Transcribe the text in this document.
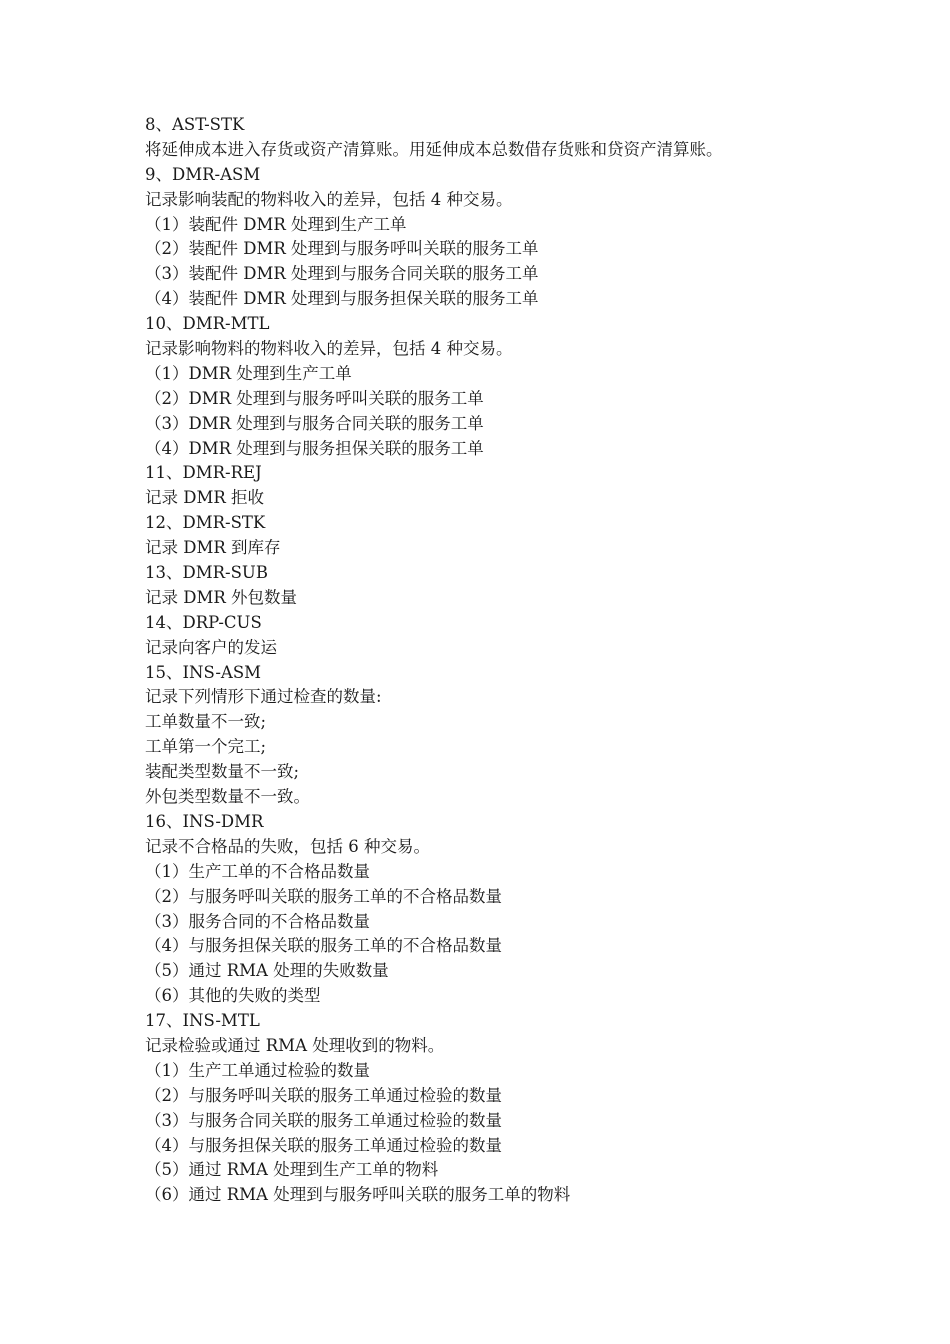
8、AST-STK
将延伸成本进入存货或资产清算账。用延伸成本总数借存货账和贷资产清算账。
9、DMR-ASM
记录影响装配的物料收入的差异，包括 4 种交易。
（1）装配件 DMR 处理到生产工单
（2）装配件 DMR 处理到与服务呼叫关联的服务工单
（3）装配件 DMR 处理到与服务合同关联的服务工单
（4）装配件 DMR 处理到与服务担保关联的服务工单
10、DMR-MTL
记录影响物料的物料收入的差异，包括 4 种交易。
（1）DMR 处理到生产工单
（2）DMR 处理到与服务呼叫关联的服务工单
（3）DMR 处理到与服务合同关联的服务工单
（4）DMR 处理到与服务担保关联的服务工单
11、DMR-REJ
记录 DMR 拒收
12、DMR-STK
记录 DMR 到库存
13、DMR-SUB
记录 DMR 外包数量
14、DRP-CUS
记录向客户的发运
15、INS-ASM
记录下列情形下通过检查的数量:
工单数量不一致;
工单第一个完工;
装配类型数量不一致;
外包类型数量不一致。
16、INS-DMR
记录不合格品的失败，包括 6 种交易。
（1）生产工单的不合格品数量
（2）与服务呼叫关联的服务工单的不合格品数量
（3）服务合同的不合格品数量
（4）与服务担保关联的服务工单的不合格品数量
（5）通过 RMA 处理的失败数量
（6）其他的失败的类型
17、INS-MTL
记录检验或通过 RMA 处理收到的物料。
（1）生产工单通过检验的数量
（2）与服务呼叫关联的服务工单通过检验的数量
（3）与服务合同关联的服务工单通过检验的数量
（4）与服务担保关联的服务工单通过检验的数量
（5）通过 RMA 处理到生产工单的物料
（6）通过 RMA 处理到与服务呼叫关联的服务工单的物料
